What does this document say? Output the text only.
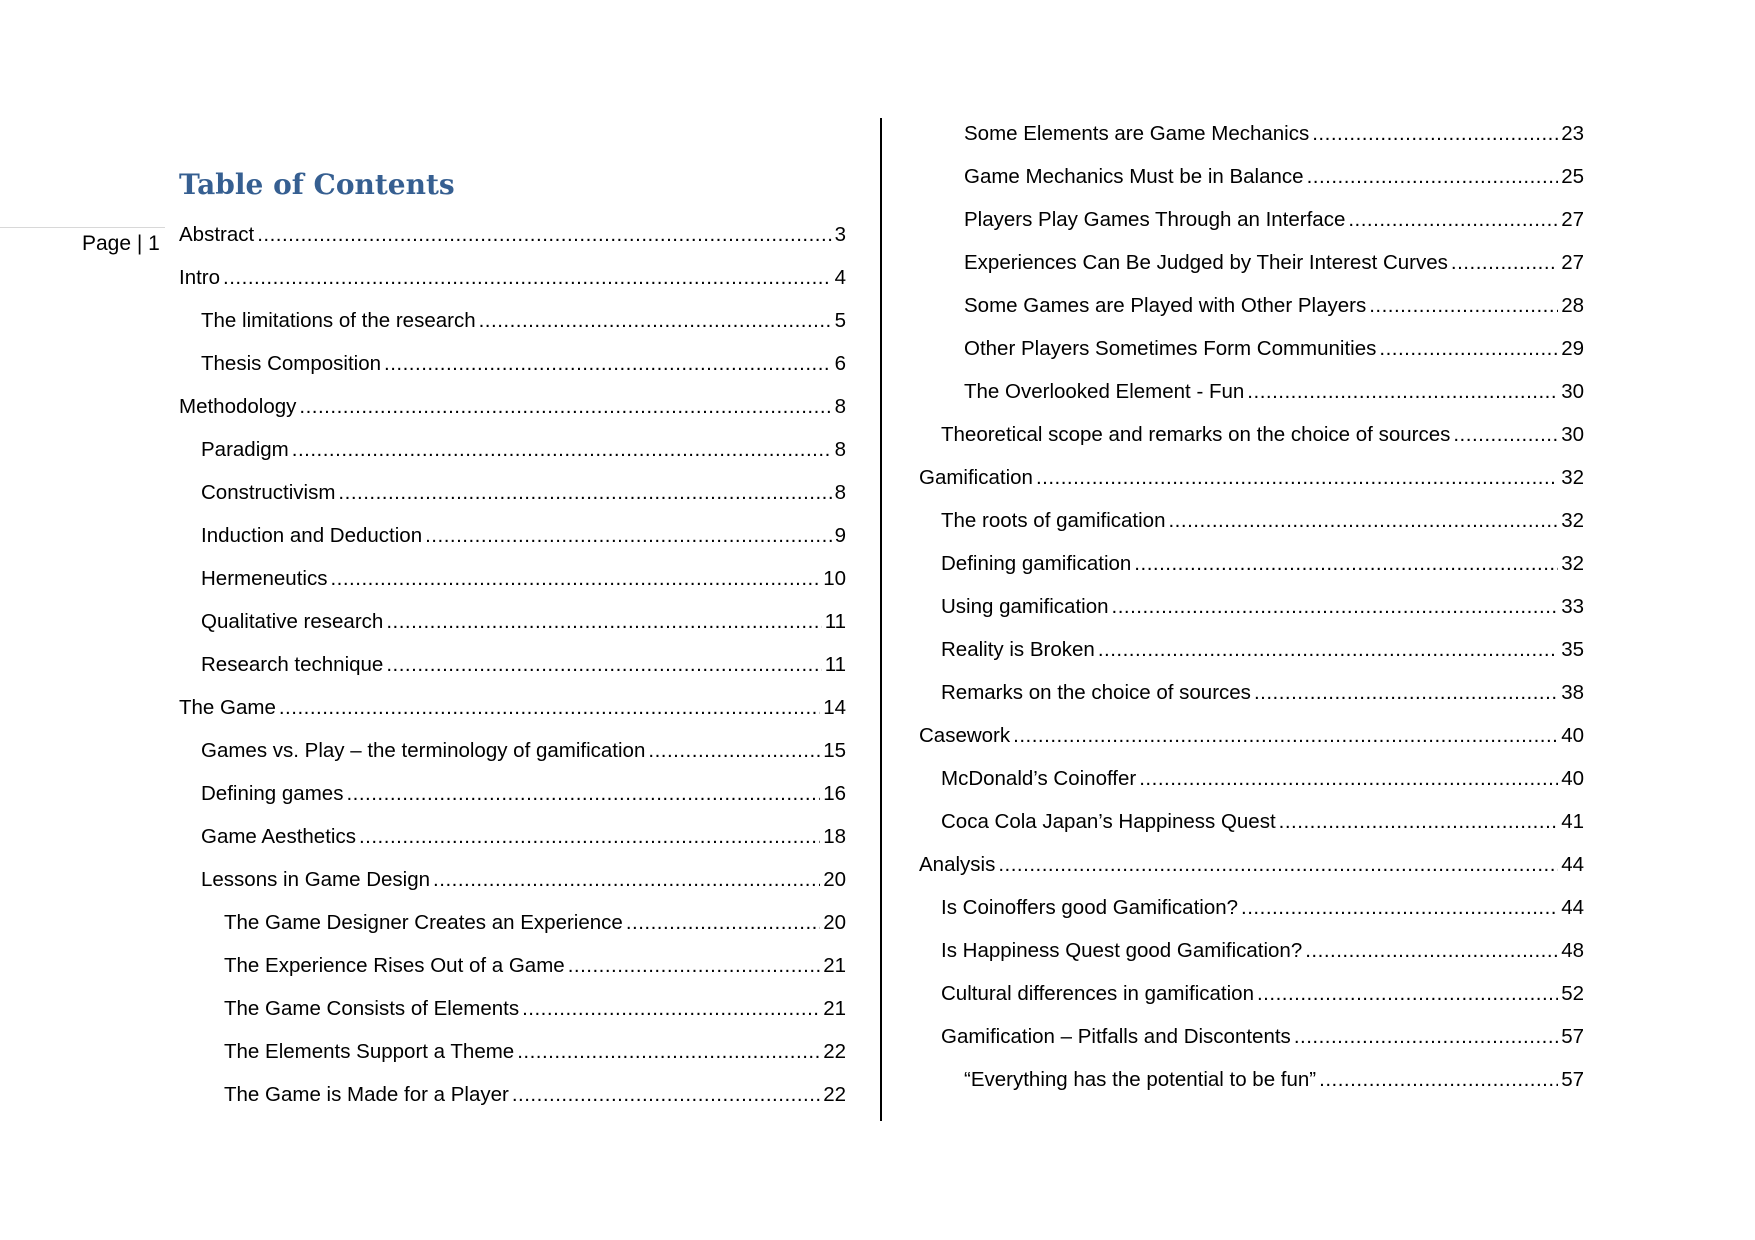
Page | 1
Table of Contents
Abstract .....	3
Intro .....	4
The limitations of the research .....	5
Thesis Composition .....	6
Methodology .....	8
Paradigm .....	8
Constructivism .....	8
Induction and Deduction .....	9
Hermeneutics .....	10
Qualitative research .....	11
Research technique .....	11
The Game .....	14
Games vs. Play – the terminology of gamification .....	15
Defining games .....	16
Game Aesthetics .....	18
Lessons in Game Design .....	20
The Game Designer Creates an Experience .....	20
The Experience Rises Out of a Game .....	21
The Game Consists of Elements .....	21
The Elements Support a Theme .....	22
The Game is Made for a Player .....	22
Some Elements are Game Mechanics .....	23
Game Mechanics Must be in Balance .....	25
Players Play Games Through an Interface .....	27
Experiences Can Be Judged by Their Interest Curves .....	27
Some Games are Played with Other Players .....	28
Other Players Sometimes Form Communities .....	29
The Overlooked Element - Fun .....	30
Theoretical scope and remarks on the choice of sources .....	30
Gamification .....	32
The roots of gamification .....	32
Defining gamification .....	32
Using gamification .....	33
Reality is Broken .....	35
Remarks on the choice of sources .....	38
Casework .....	40
McDonald’s Coinoffer .....	40
Coca Cola Japan’s Happiness Quest .....	41
Analysis .....	44
Is Coinoffers good Gamification? .....	44
Is Happiness Quest good Gamification? .....	48
Cultural differences in gamification .....	52
Gamification – Pitfalls and Discontents .....	57
“Everything has the potential to be fun” .....	57
